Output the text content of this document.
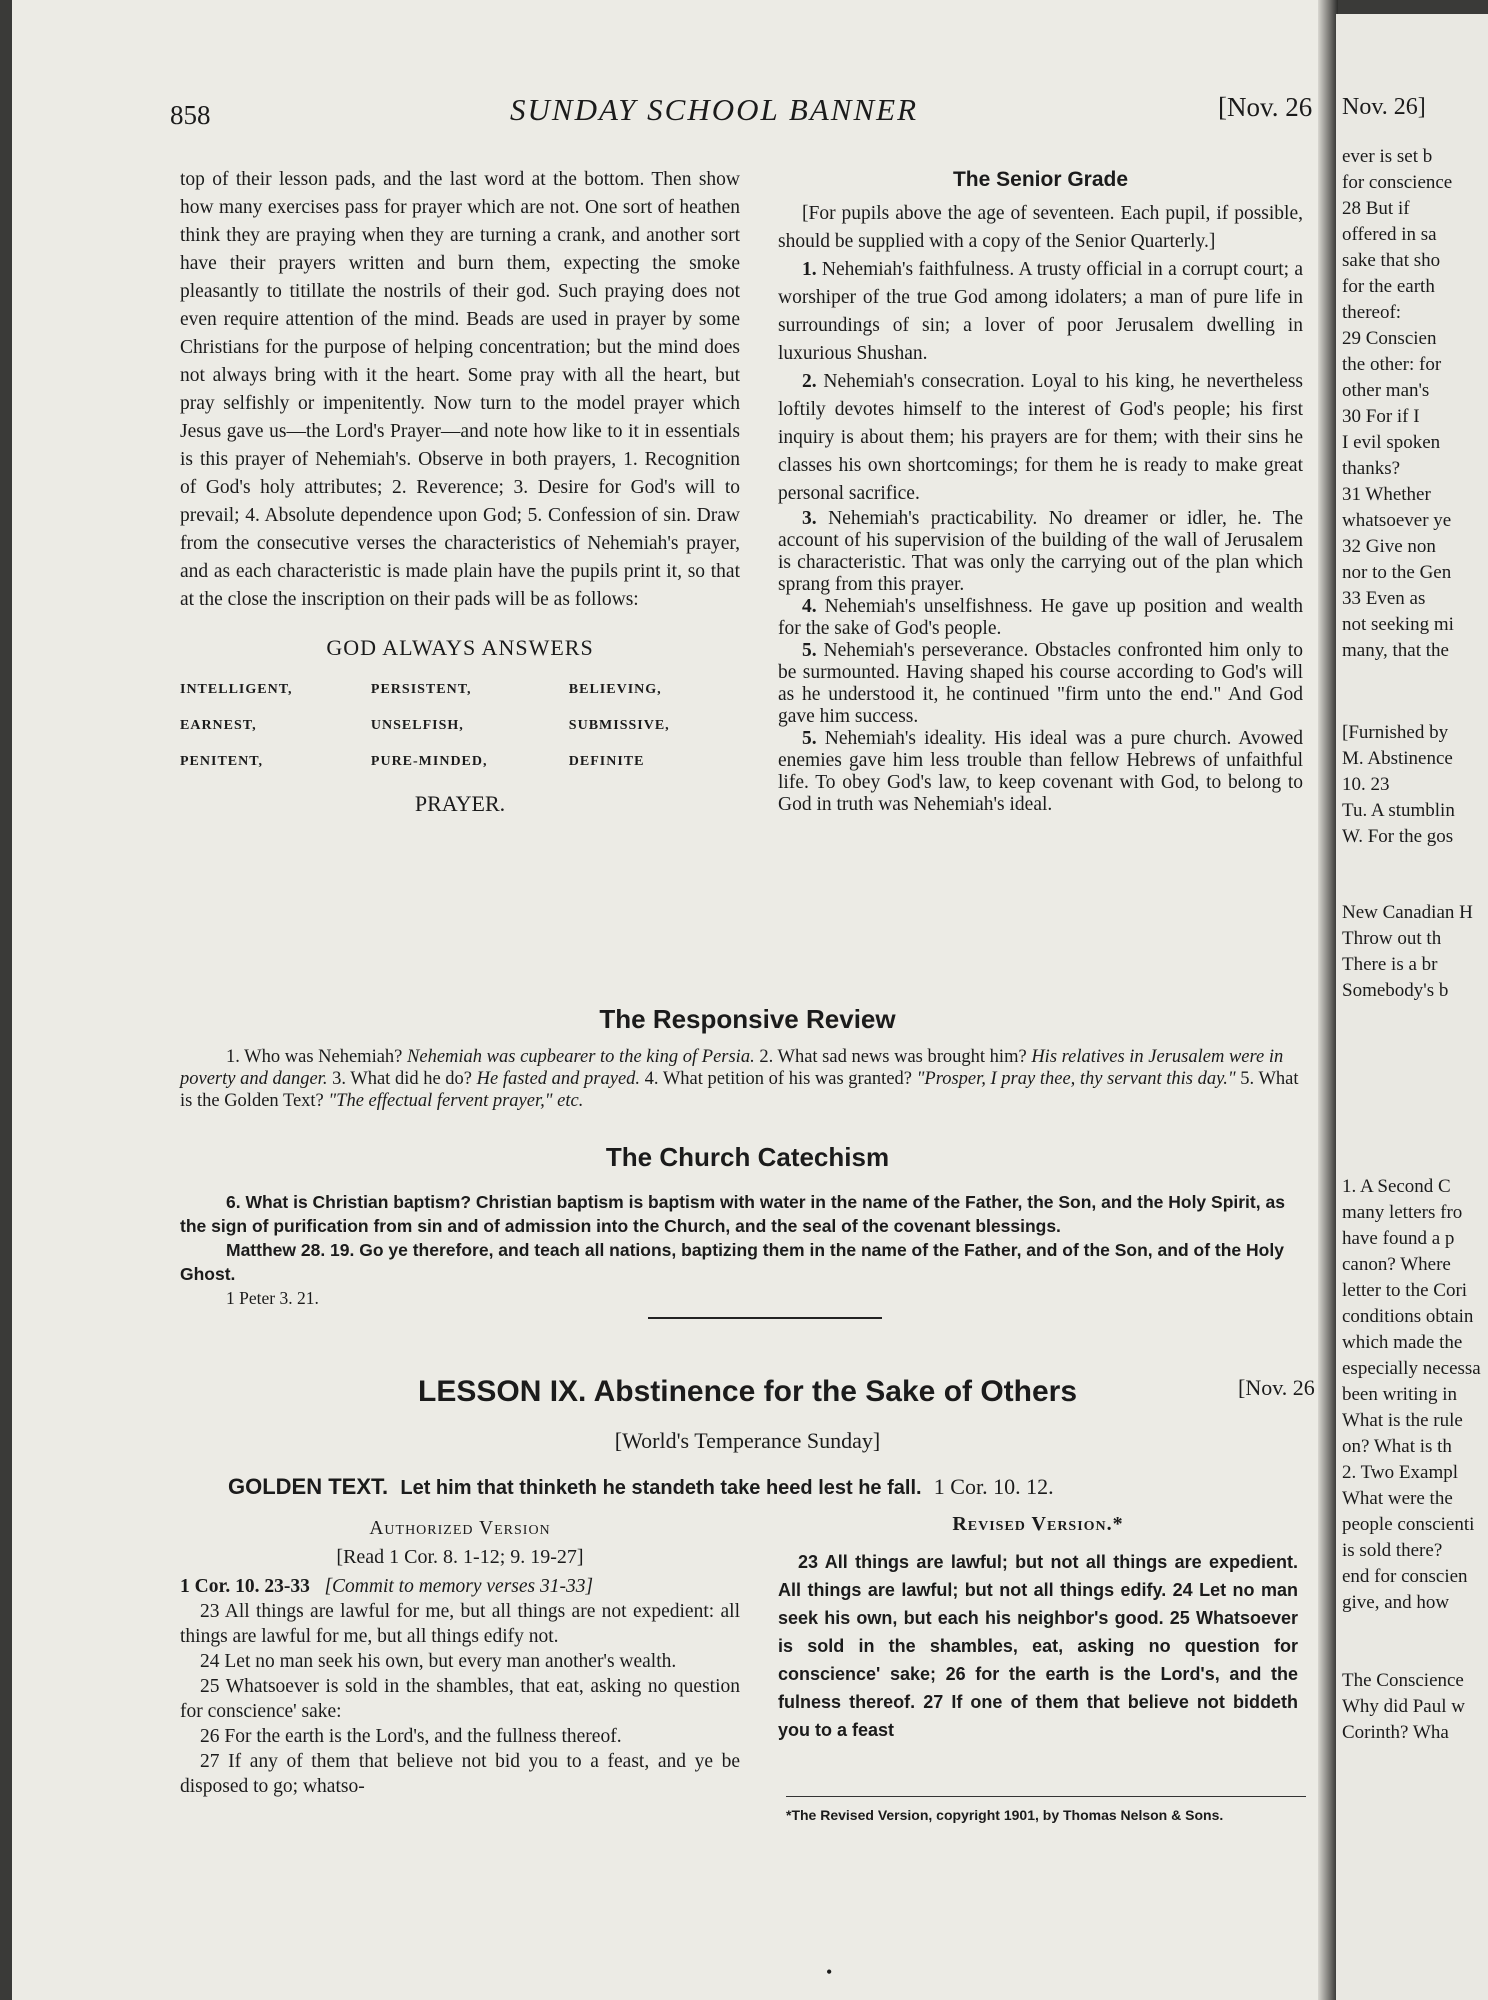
858	SUNDAY SCHOOL BANNER	[Nov. 26

top of their lesson pads, and the last word at the bottom. Then show how many exercises pass for prayer which are not. One sort of heathen think they are praying when they are turning a crank, and another sort have their prayers written and burn them, expecting the smoke pleasantly to titillate the nostrils of their god. Such praying does not even require attention of the mind. Beads are used in prayer by some Christians for the purpose of helping concentration; but the mind does not always bring with it the heart. Some pray with all the heart, but pray selfishly or impenitently. Now turn to the model prayer which Jesus gave us—the Lord's Prayer—and note how like to it in essentials is this prayer of Nehemiah's. Observe in both prayers, 1. Recognition of God's holy attributes; 2. Reverence; 3. Desire for God's will to prevail; 4. Absolute dependence upon God; 5. Confession of sin. Draw from the consecutive verses the characteristics of Nehemiah's prayer, and as each characteristic is made plain have the pupils print it, so that at the close the inscription on their pads will be as follows:

GOD ALWAYS ANSWERS
INTELLIGENT,	PERSISTENT,	BELIEVING,
EARNEST,	UNSELFISH,	SUBMISSIVE,
PENITENT,	PURE-MINDED,	DEFINITE
PRAYER.
The Senior Grade

[For pupils above the age of seventeen. Each pupil, if possible, should be supplied with a copy of the Senior Quarterly.]

1. Nehemiah's faithfulness. A trusty official in a corrupt court; a worshiper of the true God among idolaters; a man of pure life in surroundings of sin; a lover of poor Jerusalem dwelling in luxurious Shushan.

2. Nehemiah's consecration. Loyal to his king, he nevertheless loftily devotes himself to the interest of God's people; his first inquiry is about them; his prayers are for them; with their sins he classes his own shortcomings; for them he is ready to make great personal sacrifice.

3. Nehemiah's practicability. No dreamer or idler, he. The account of his supervision of the building of the wall of Jerusalem is characteristic. That was only the carrying out of the plan which sprang from this prayer.

4. Nehemiah's unselfishness. He gave up position and wealth for the sake of God's people.

5. Nehemiah's perseverance. Obstacles confronted him only to be surmounted. Having shaped his course according to God's will as he understood it, he continued "firm unto the end." And God gave him success.

5. Nehemiah's ideality. His ideal was a pure church. Avowed enemies gave him less trouble than fellow Hebrews of unfaithful life. To obey God's law, to keep covenant with God, to belong to God in truth was Nehemiah's ideal.

The Responsive Review
1. Who was Nehemiah? Nehemiah was cupbearer to the king of Persia. 2. What sad news was brought him? His relatives in Jerusalem were in poverty and danger. 3. What did he do? He fasted and prayed. 4. What petition of his was granted? "Prosper, I pray thee, thy servant this day." 5. What is the Golden Text? "The effectual fervent prayer," etc.
The Church Catechism
6. What is Christian baptism? Christian baptism is baptism with water in the name of the Father, the Son, and the Holy Spirit, as the sign of purification from sin and of admission into the Church, and the seal of the covenant blessings.
Matthew 28. 19. Go ye therefore, and teach all nations, baptizing them in the name of the Father, and of the Son, and of the Holy Ghost.
1 Peter 3. 21.
LESSON IX. Abstinence for the Sake of Others	[Nov. 26
[World's Temperance Sunday]
GOLDEN TEXT. Let him that thinketh he standeth take heed lest he fall. 1 Cor. 10. 12.
Authorized Version
[Read 1 Cor. 8. 1-12; 9. 19-27]
1 Cor. 10. 23-33 [Commit to memory verses 31-33]
23 All things are lawful for me, but all things are not expedient: all things are lawful for me, but all things edify not.
24 Let no man seek his own, but every man another's wealth.
25 Whatsoever is sold in the shambles, that eat, asking no question for conscience' sake:
26 For the earth is the Lord's, and the fullness thereof.
27 If any of them that believe not bid you to a feast, and ye be disposed to go; whatso-
Revised Version.*
23 All things are lawful; but not all things are expedient. All things are lawful; but not all things edify. 24 Let no man seek his own, but each his neighbor's good. 25 Whatsoever is sold in the shambles, eat, asking no question for conscience' sake; 26 for the earth is the Lord's, and the fulness thereof. 27 If one of them that believe not biddeth you to a feast
*The Revised Version, copyright 1901, by Thomas Nelson & Sons.
•
Nov. 26]
ever is set b
for conscience
28 But if
offered in sa
sake that sho
for the earth
thereof:
29 Conscien
the other: for
other man's
30 For if I
I evil spoken
thanks?
31 Whether
whatsoever ye
32 Give non
nor to the Gen
33 Even as
not seeking mi
many, that the
[Furnished by
M. Abstinence
10. 23
Tu. A stumblin
W. For the gos
New Canadian H
Throw out th
There is a br
Somebody's b
1. A Second C
many letters fro
have found a p
canon? Where
letter to the Cori
conditions obtain
which made the
especially necessa
been writing in
What is the rule
on? What is th
2. Two Exampl
What were the
people conscienti
is sold there?
end for conscien
give, and how
The Conscience
Why did Paul w
Corinth? Wha
